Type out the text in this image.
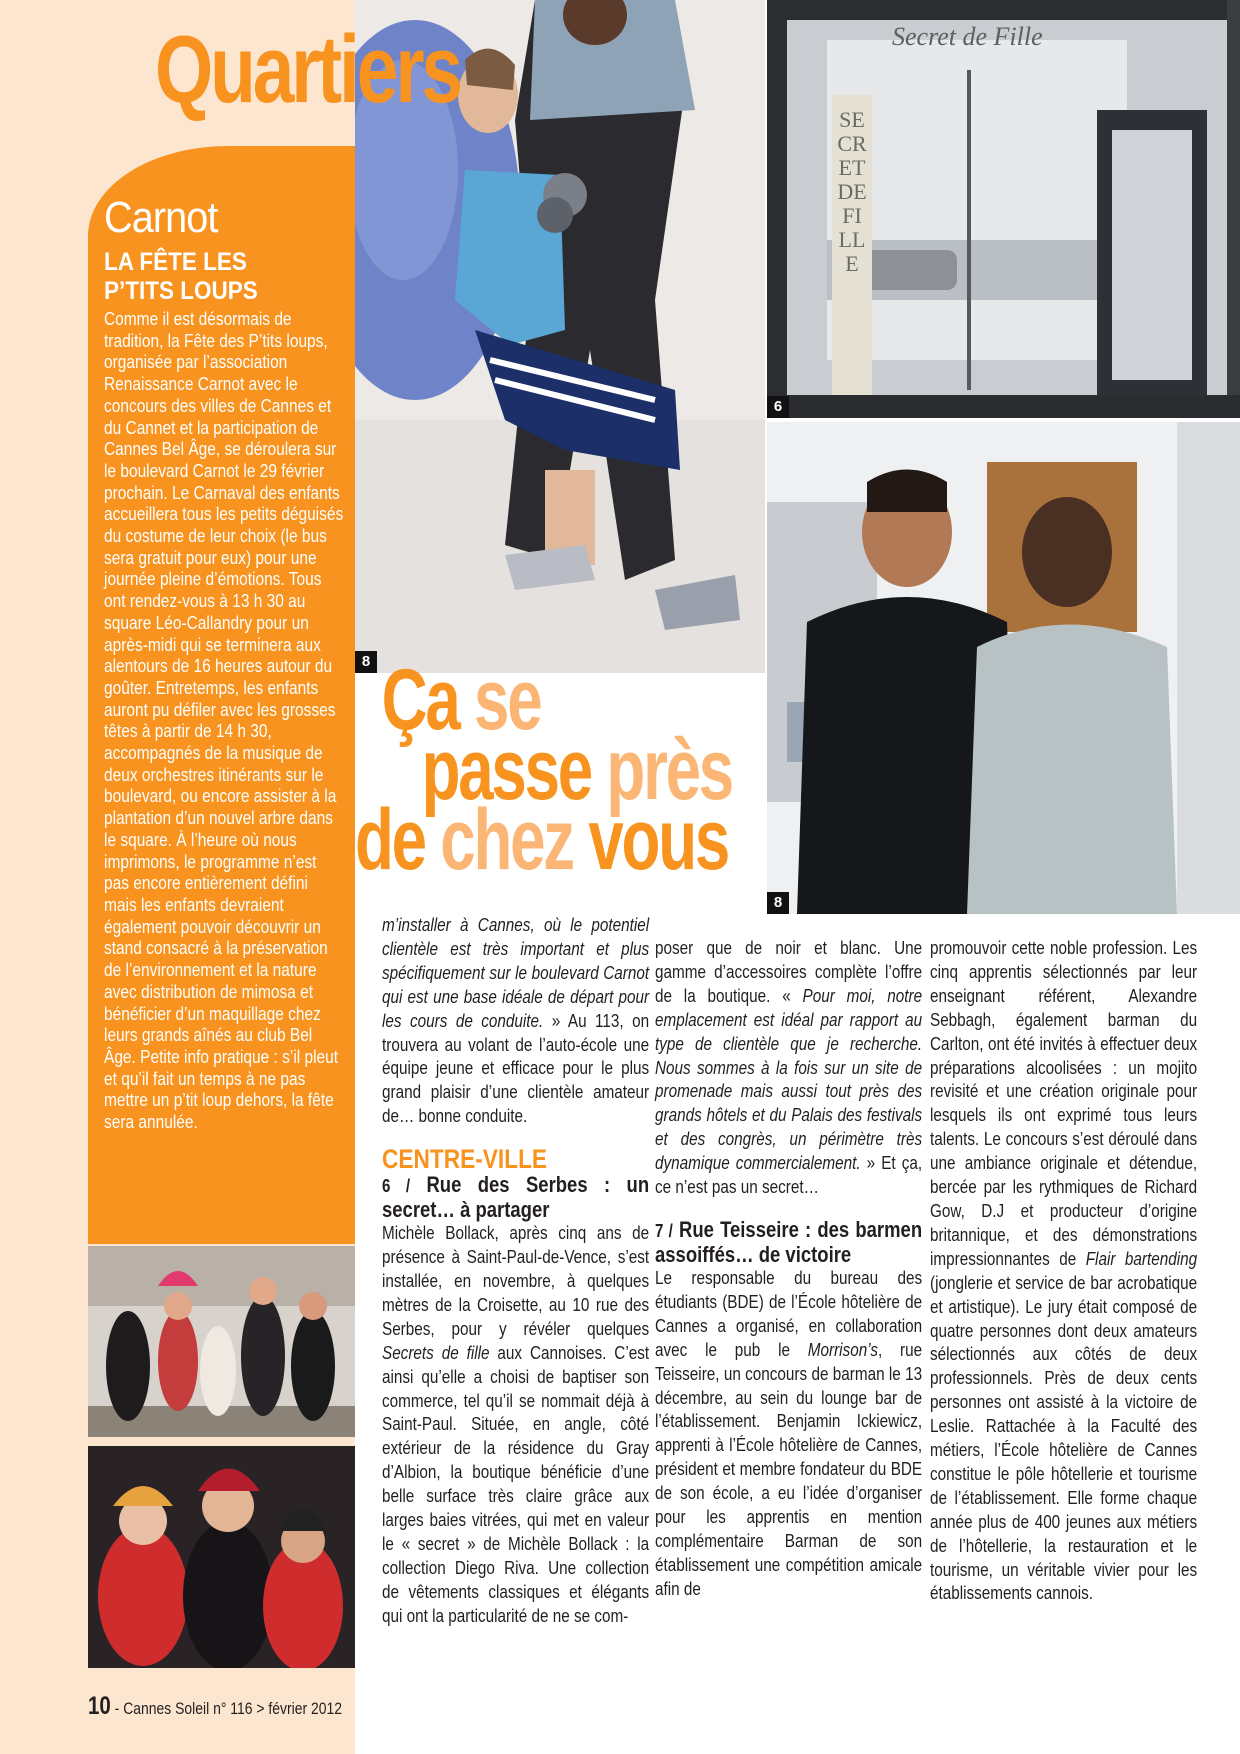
8
Secret de Fille
SECRET DE FILLE
6
8
Quartiers
Carnot
LA FÊTE LES P’TITS LOUPS
Comme il est désormais de tradition, la Fête des P’tits loups, organisée par l’association Renaissance Carnot avec le concours des villes de Cannes et du Cannet et la participation de Cannes Bel Âge, se déroulera sur le boulevard Carnot le 29 février prochain. Le Carnaval des enfants accueillera tous les petits déguisés du costume de leur choix (le bus sera gratuit pour eux) pour une journée pleine d’émotions. Tous ont rendez-vous à 13 h 30 au square Léo-Callandry pour un après-midi qui se terminera aux alentours de 16 heures autour du goûter. Entretemps, les enfants auront pu défiler avec les grosses têtes à partir de 14 h 30, accompagnés de la musique de deux orchestres itinérants sur le boulevard, ou encore assister à la plantation d’un nouvel arbre dans le square. À l’heure où nous imprimons, le programme n’est pas encore entièrement défini mais les enfants devraient également pouvoir découvrir un stand consacré à la préservation de l’environnement et la nature avec distribution de mimosa et bénéficier d’un maquillage chez leurs grands aînés au club Bel Âge. Petite info pratique : s’il pleut et qu’il fait un temps à ne pas mettre un p’tit loup dehors, la fête sera annulée.
Ça se
passe près
de chez vous

m’installer à Cannes, où le potentiel clientèle est très important et plus spécifiquement sur le boulevard Carnot qui est une base idéale de départ pour les cours de conduite. » Au 113, on trouvera au volant de l’auto-école une équipe jeune et efficace pour le plus grand plaisir d’une clientèle amateur de… bonne conduite.

CENTRE-VILLE
6 / Rue des Serbes : un secret… à partager

Michèle Bollack, après cinq ans de présence à Saint-Paul-de-Vence, s’est installée, en novembre, à quelques mètres de la Croisette, au 10 rue des Serbes, pour y révéler quelques Secrets de fille aux Cannoises. C’est ainsi qu’elle a choisi de baptiser son commerce, tel qu’il se nommait déjà à Saint-Paul. Située, en angle, côté extérieur de la résidence du Gray d’Albion, la boutique bénéficie d’une belle surface très claire grâce aux larges baies vitrées, qui met en valeur le « secret » de Michèle Bollack : la collection Diego Riva. Une collection de vêtements classiques et élégants qui ont la particularité de ne se com-

poser que de noir et blanc. Une gamme d’accessoires complète l’offre de la boutique. « Pour moi, notre emplacement est idéal par rapport au type de clientèle que je recherche. Nous sommes à la fois sur un site de promenade mais aussi tout près des grands hôtels et du Palais des festivals et des congrès, un périmètre très dynamique commercialement. » Et ça, ce n’est pas un secret…

7 / Rue Teisseire : des barmen assoiffés… de victoire

Le responsable du bureau des étudiants (BDE) de l’École hôtelière de Cannes a organisé, en collaboration avec le pub le Morrison’s, rue Teisseire, un concours de barman le 13 décembre, au sein du lounge bar de l’établissement. Benjamin Ickiewicz, apprenti à l’École hôtelière de Cannes, président et membre fondateur du BDE de son école, a eu l’idée d’organiser pour les apprentis en mention complémentaire Barman de son établissement une compétition amicale afin de

promouvoir cette noble profession. Les cinq apprentis sélectionnés par leur enseignant référent, Alexandre Sebbagh, également barman du Carlton, ont été invités à effectuer deux préparations alcoolisées : un mojito revisité et une création originale pour lesquels ils ont exprimé tous leurs talents. Le concours s’est déroulé dans une ambiance originale et détendue, bercée par les rythmiques de Richard Gow, D.J et producteur d’origine britannique, et des démonstrations impressionnantes de Flair bartending (jonglerie et service de bar acrobatique et artistique). Le jury était composé de quatre personnes dont deux amateurs sélectionnés aux côtés de deux professionnels. Près de deux cents personnes ont assisté à la victoire de Leslie. Rattachée à la Faculté des métiers, l’École hôtelière de Cannes constitue le pôle hôtellerie et tourisme de l’établissement. Elle forme chaque année plus de 400 jeunes aux métiers de l’hôtellerie, la restauration et le tourisme, un véritable vivier pour les établissements cannois.

10 - Cannes Soleil n° 116 > février 2012
